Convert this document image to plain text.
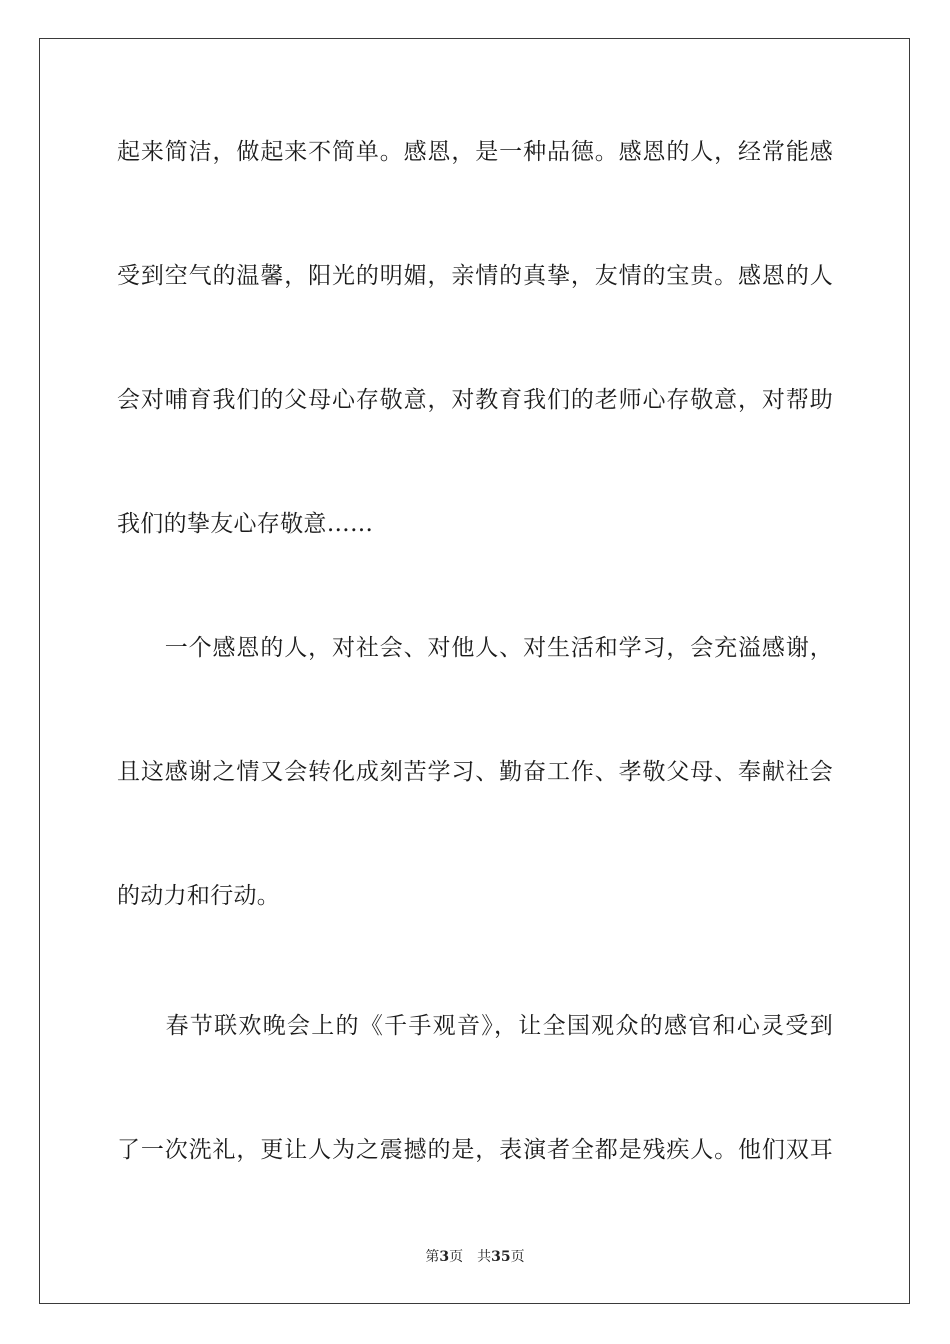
起来简洁，做起来不简单。感恩，是一种品德。感恩的人，经常能感
受到空气的温馨，阳光的明媚，亲情的真挚，友情的宝贵。感恩的人
会对哺育我们的父母心存敬意，对教育我们的老师心存敬意，对帮助
我们的挚友心存敬意……
　　一个感恩的人，对社会、对他人、对生活和学习，会充溢感谢，
且这感谢之情又会转化成刻苦学习、勤奋工作、孝敬父母、奉献社会
的动力和行动。
　　春节联欢晚会上的《千手观音》，让全国观众的感官和心灵受到
了一次洗礼，更让人为之震撼的是，表演者全都是残疾人。他们双耳
第3页 共35页
